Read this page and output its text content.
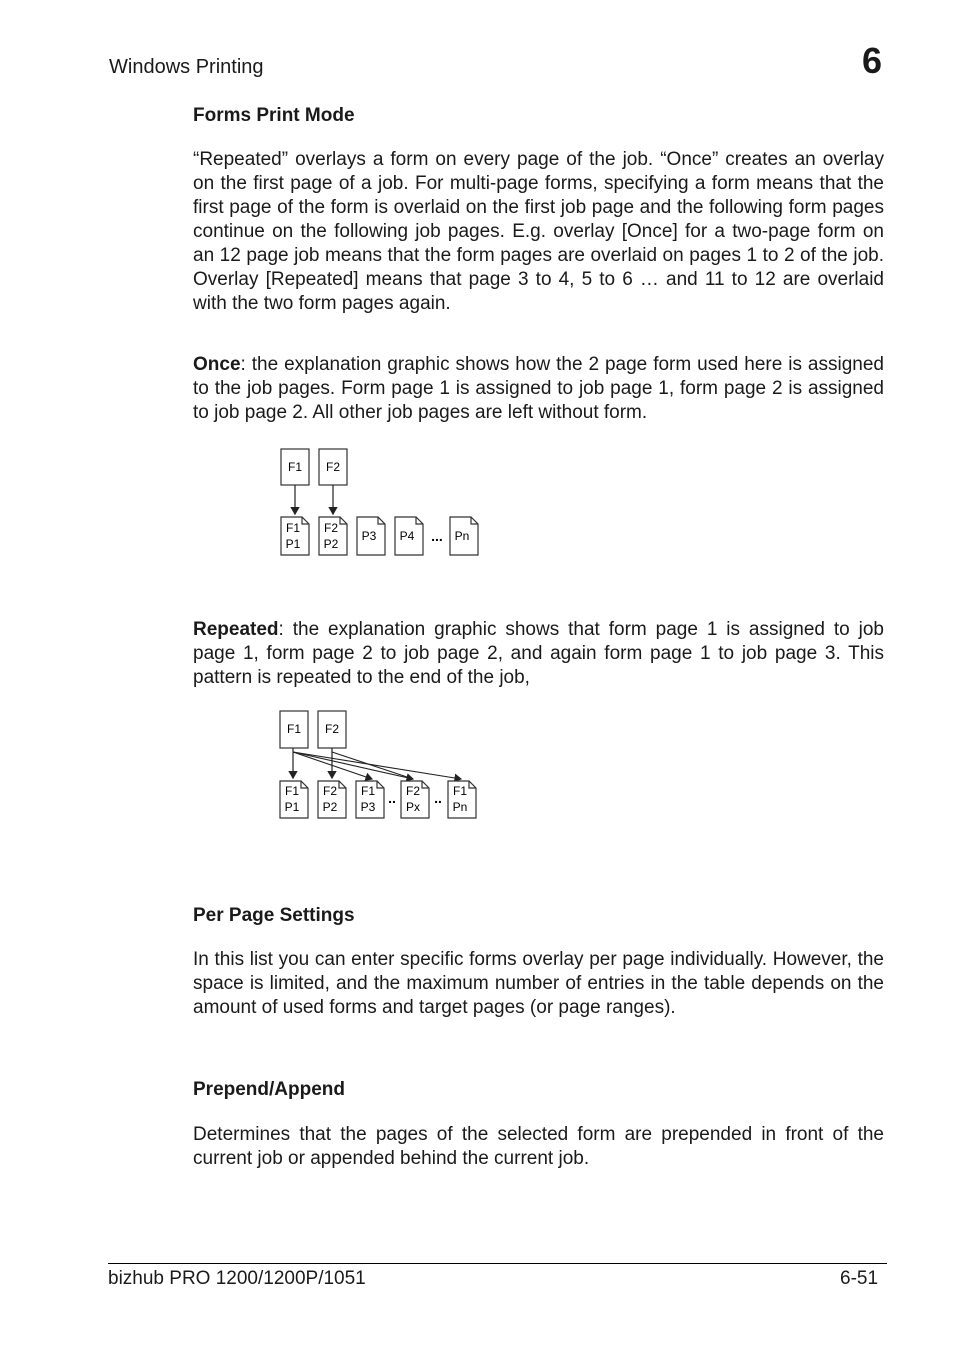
Windows Printing	6
Forms Print Mode

“Repeated” overlays a form on every page of the job. “Once” creates an overlay on the first page of a job. For multi-page forms, specifying a form means that the first page of the form is overlaid on the first job page and the following form pages continue on the following job pages. E.g. overlay [Once] for a two-page form on an 12 page job means that the form pages are overlaid on pages 1 to 2 of the job. Overlay [Repeated] means that page 3 to 4, 5 to 6 … and 11 to 12 are overlaid with the two form pages again.

Once: the explanation graphic shows how the 2 page form used here is assigned to the job pages. Form page 1 is assigned to job page 1, form page 2 is assigned to job page 2. All other job pages are left without form.

F1 F2
F1
P1
F2
P2
P3 P4 ... Pn

Repeated: the explanation graphic shows that form page 1 is assigned to job page 1, form page 2 to job page 2, and again form page 1 to job page 3. This pattern is repeated to the end of the job,

F1 F2
F1
P1
F2
P2
F1
P3
.. F2
Px
.. F1
Pn
Per Page Settings

In this list you can enter specific forms overlay per page individually. However, the space is limited, and the maximum number of entries in the table depends on the amount of used forms and target pages (or page ranges).

Prepend/Append

Determines that the pages of the selected form are prepended in front of the current job or appended behind the current job.

bizhub PRO 1200/1200P/1051	6-51
